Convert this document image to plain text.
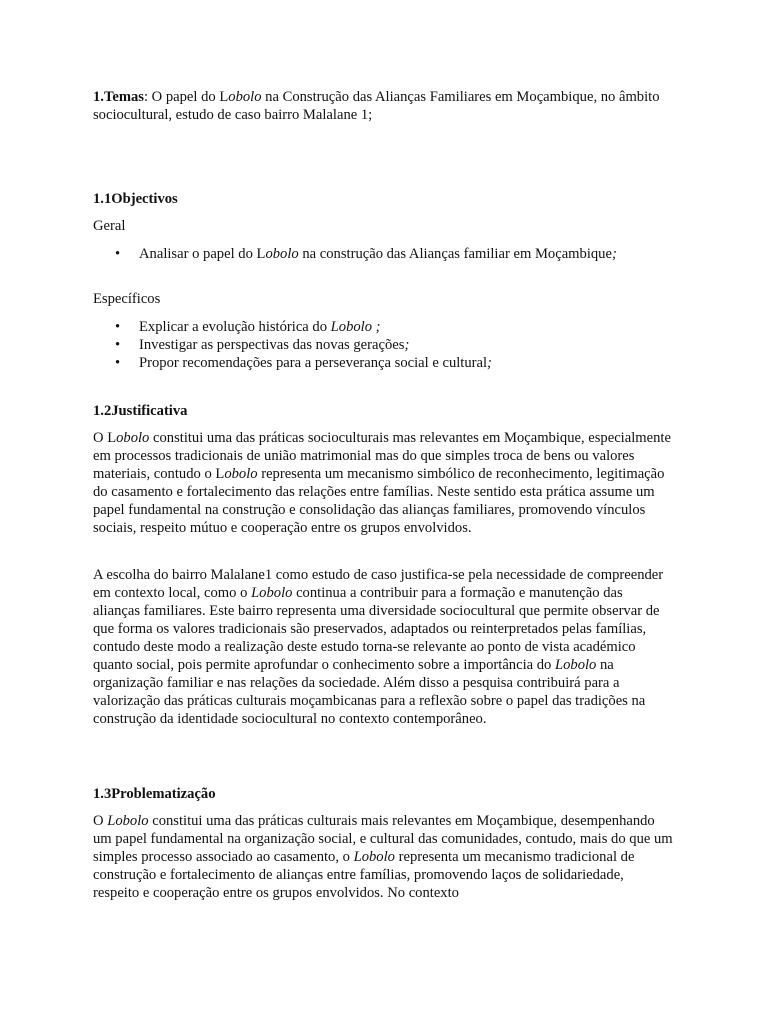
1.Temas: O papel do Lobolo na Construção das Alianças Familiares em Moçambique, no âmbito sociocultural, estudo de caso bairro Malalane 1;

1.1Objectivos

Geral

• Analisar o papel do Lobolo na construção das Alianças familiar em Moçambique;

Específicos

• Explicar a evolução histórica do Lobolo ;
• Investigar as perspectivas das novas gerações;
• Propor recomendações para a perseverança social e cultural;

1.2Justificativa

O Lobolo constitui uma das práticas socioculturais mas relevantes em Moçambique, especialmente em processos tradicionais de união matrimonial mas do que simples troca de bens ou valores materiais, contudo o Lobolo representa um mecanismo simbólico de reconhecimento, legitimação do casamento e fortalecimento das relações entre famílias. Neste sentido esta prática assume um papel fundamental na construção e consolidação das alianças familiares, promovendo vínculos sociais, respeito mútuo e cooperação entre os grupos envolvidos.

A escolha do bairro Malalane1 como estudo de caso justifica-se pela necessidade de compreender em contexto local, como o Lobolo continua a contribuir para a formação e manutenção das alianças familiares. Este bairro representa uma diversidade sociocultural que permite observar de que forma os valores tradicionais são preservados, adaptados ou reinterpretados pelas famílias, contudo deste modo a realização deste estudo torna-se relevante ao ponto de vista académico quanto social, pois permite aprofundar o conhecimento sobre a importância do Lobolo na organização familiar e nas relações da sociedade. Além disso a pesquisa contribuirá para a valorização das práticas culturais moçambicanas para a reflexão sobre o papel das tradições na construção da identidade sociocultural no contexto contemporâneo.

1.3Problematização

O Lobolo constitui uma das práticas culturais mais relevantes em Moçambique, desempenhando um papel fundamental na organização social, e cultural das comunidades, contudo, mais do que um simples processo associado ao casamento, o Lobolo representa um mecanismo tradicional de construção e fortalecimento de alianças entre famílias, promovendo laços de solidariedade, respeito e cooperação entre os grupos envolvidos. No contexto
